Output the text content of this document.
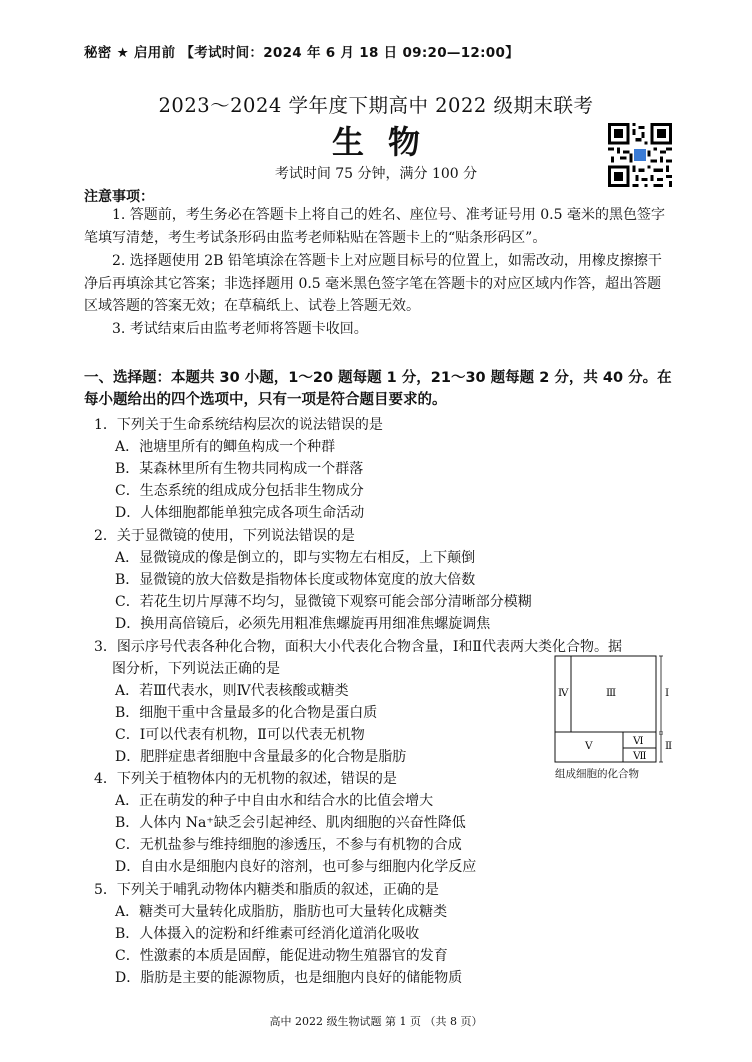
秘密 ★ 启用前 【考试时间：2024 年 6 月 18 日 09:20—12:00】
2023～2024 学年度下期高中 2022 级期末联考
生物
考试时间 75 分钟，满分 100 分
注意事项：
1. 答题前，考生务必在答题卡上将自己的姓名、座位号、准考证号用 0.5 毫米的黑色签字笔填写清楚，考生考试条形码由监考老师粘贴在答题卡上的“贴条形码区”。
2. 选择题使用 2B 铅笔填涂在答题卡上对应题目标号的位置上，如需改动，用橡皮擦擦干净后再填涂其它答案；非选择题用 0.5 毫米黑色签字笔在答题卡的对应区域内作答，超出答题区域答题的答案无效；在草稿纸上、试卷上答题无效。
3. 考试结束后由监考老师将答题卡收回。
一、选择题：本题共 30 小题，1～20 题每题 1 分，21～30 题每题 2 分，共 40 分。在每小题给出的四个选项中，只有一项是符合题目要求的。
1．下列关于生命系统结构层次的说法错误的是
A．池塘里所有的鲫鱼构成一个种群
B．某森林里所有生物共同构成一个群落
C．生态系统的组成成分包括非生物成分
D．人体细胞都能单独完成各项生命活动
2．关于显微镜的使用，下列说法错误的是
A．显微镜成的像是倒立的，即与实物左右相反，上下颠倒
B．显微镜的放大倍数是指物体长度或物体宽度的放大倍数
C．若花生切片厚薄不均匀，显微镜下观察可能会部分清晰部分模糊
D．换用高倍镜后，必须先用粗准焦螺旋再用细准焦螺旋调焦
3．图示序号代表各种化合物，面积大小代表化合物含量，Ⅰ和Ⅱ代表两大类化合物。据
图分析，下列说法正确的是
A．若Ⅲ代表水，则Ⅳ代表核酸或糖类
B．细胞干重中含量最多的化合物是蛋白质
C．Ⅰ可以代表有机物，Ⅱ可以代表无机物
D．肥胖症患者细胞中含量最多的化合物是脂肪
Ⅳ	Ⅲ	Ⅰ
Ⅴ	Ⅵ
Ⅶ
Ⅱ
组成细胞的化合物
4．下列关于植物体内的无机物的叙述，错误的是
A．正在萌发的种子中自由水和结合水的比值会增大
B．人体内 Na⁺缺乏会引起神经、肌肉细胞的兴奋性降低
C．无机盐参与维持细胞的渗透压，不参与有机物的合成
D．自由水是细胞内良好的溶剂，也可参与细胞内化学反应
5．下列关于哺乳动物体内糖类和脂质的叙述，正确的是
A．糖类可大量转化成脂肪，脂肪也可大量转化成糖类
B．人体摄入的淀粉和纤维素可经消化道消化吸收
C．性激素的本质是固醇，能促进动物生殖器官的发育
D．脂肪是主要的能源物质，也是细胞内良好的储能物质
高中 2022 级生物试题 第 1 页 （共 8 页）
